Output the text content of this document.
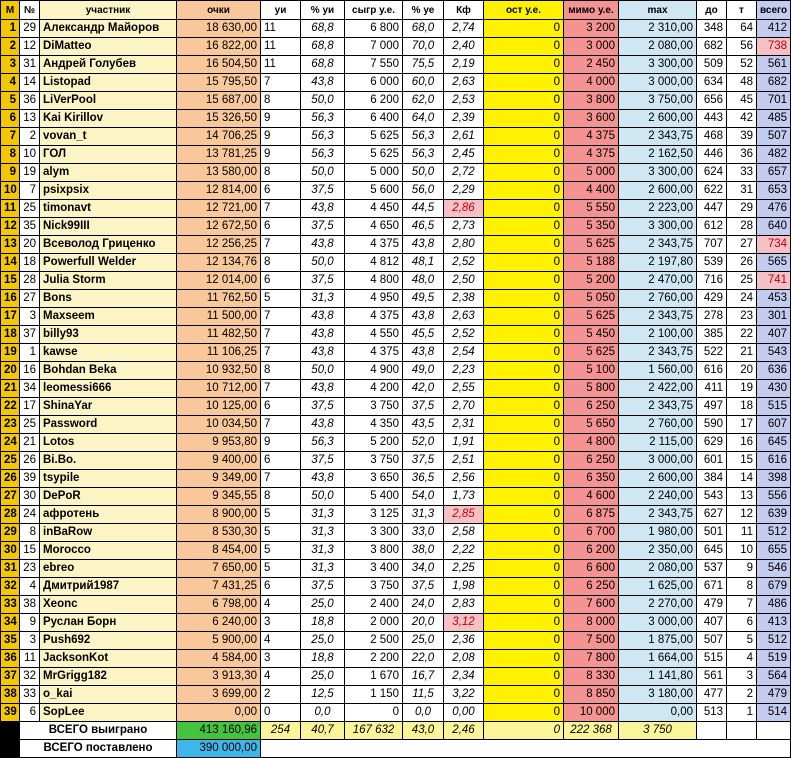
М	№	участник	очки	уи	% уи	сыгр у.е.	% уе	Кф	ост у.е.	мимо у.е.	max	до	т	всего
1	29	Александр Майоров	18 630,00	11	68,8	6 800	68,0	2,74	0	3 200	2 310,00	348	64	412
2	12	DiMatteo	16 822,00	11	68,8	7 000	70,0	2,40	0	3 000	2 080,00	682	56	738
3	31	Андрей Голубев	16 504,50	11	68,8	7 550	75,5	2,19	0	2 450	3 300,00	509	52	561
4	14	Listopad	15 795,50	7	43,8	6 000	60,0	2,63	0	4 000	3 000,00	634	48	682
5	36	LiVerPool	15 687,00	8	50,0	6 200	62,0	2,53	0	3 800	3 750,00	656	45	701
6	13	Kai Kirillov	15 326,50	9	56,3	6 400	64,0	2,39	0	3 600	2 600,00	443	42	485
7	2	vovan_t	14 706,25	9	56,3	5 625	56,3	2,61	0	4 375	2 343,75	468	39	507
8	10	ГОЛ	13 781,25	9	56,3	5 625	56,3	2,45	0	4 375	2 162,50	446	36	482
9	19	alym	13 580,00	8	50,0	5 000	50,0	2,72	0	5 000	3 300,00	624	33	657
10	7	psixpsix	12 814,00	6	37,5	5 600	56,0	2,29	0	4 400	2 600,00	622	31	653
11	25	timonavt	12 721,00	7	43,8	4 450	44,5	2,86	0	5 550	2 223,00	447	29	476
12	35	Nick99III	12 672,50	6	37,5	4 650	46,5	2,73	0	5 350	3 300,00	612	28	640
13	20	Всеволод Гриценко	12 256,25	7	43,8	4 375	43,8	2,80	0	5 625	2 343,75	707	27	734
14	18	Powerfull Welder	12 134,76	8	50,0	4 812	48,1	2,52	0	5 188	2 197,80	539	26	565
15	28	Julia Storm	12 014,00	6	37,5	4 800	48,0	2,50	0	5 200	2 470,00	716	25	741
16	27	Bons	11 762,50	5	31,3	4 950	49,5	2,38	0	5 050	2 760,00	429	24	453
17	3	Maxseem	11 500,00	7	43,8	4 375	43,8	2,63	0	5 625	2 343,75	278	23	301
18	37	billy93	11 482,50	7	43,8	4 550	45,5	2,52	0	5 450	2 100,00	385	22	407
19	1	kawse	11 106,25	7	43,8	4 375	43,8	2,54	0	5 625	2 343,75	522	21	543
20	16	Bohdan Beka	10 932,50	8	50,0	4 900	49,0	2,23	0	5 100	1 560,00	616	20	636
21	34	leomessi666	10 712,00	7	43,8	4 200	42,0	2,55	0	5 800	2 422,00	411	19	430
22	17	ShinaYar	10 125,00	6	37,5	3 750	37,5	2,70	0	6 250	2 343,75	497	18	515
23	25	Password	10 034,50	7	43,8	4 350	43,5	2,31	0	5 650	2 760,00	590	17	607
24	21	Lotos	9 953,80	9	56,3	5 200	52,0	1,91	0	4 800	2 115,00	629	16	645
25	26	Bi.Bo.	9 400,00	6	37,5	3 750	37,5	2,51	0	6 250	3 000,00	601	15	616
26	39	tsypile	9 349,00	7	43,8	3 650	36,5	2,56	0	6 350	2 600,00	384	14	398
27	30	DePoR	9 345,55	8	50,0	5 400	54,0	1,73	0	4 600	2 240,00	543	13	556
28	24	афротень	8 900,00	5	31,3	3 125	31,3	2,85	0	6 875	2 343,75	627	12	639
29	8	inBaRow	8 530,30	5	31,3	3 300	33,0	2,58	0	6 700	1 980,00	501	11	512
30	15	Morocco	8 454,00	5	31,3	3 800	38,0	2,22	0	6 200	2 350,00	645	10	655
31	23	ebreo	7 650,00	5	31,3	3 400	34,0	2,25	0	6 600	2 080,00	537	9	546
32	4	Дмитрий1987	7 431,25	6	37,5	3 750	37,5	1,98	0	6 250	1 625,00	671	8	679
33	38	Xeonc	6 798,00	4	25,0	2 400	24,0	2,83	0	7 600	2 270,00	479	7	486
34	9	Руслан Борн	6 240,00	3	18,8	2 000	20,0	3,12	0	8 000	3 000,00	407	6	413
35	3	Push692	5 900,00	4	25,0	2 500	25,0	2,36	0	7 500	1 875,00	507	5	512
36	11	JacksonKot	4 584,00	3	18,8	2 200	22,0	2,08	0	7 800	1 664,00	515	4	519
37	32	MrGrigg182	3 913,30	4	25,0	1 670	16,7	2,34	0	8 330	1 141,80	561	3	564
38	33	o_kai	3 699,00	2	12,5	1 150	11,5	3,22	0	8 850	3 180,00	477	2	479
39	6	SopLee	0,00	0	0,0	0	0,0	0,00	0	10 000	0,00	513	1	514
	ВСЕГО выиграно		413 160,96	254	40,7	167 632	43,0	2,46	0	222 368	3 750			
	ВСЕГО поставлено		390 000,00											
